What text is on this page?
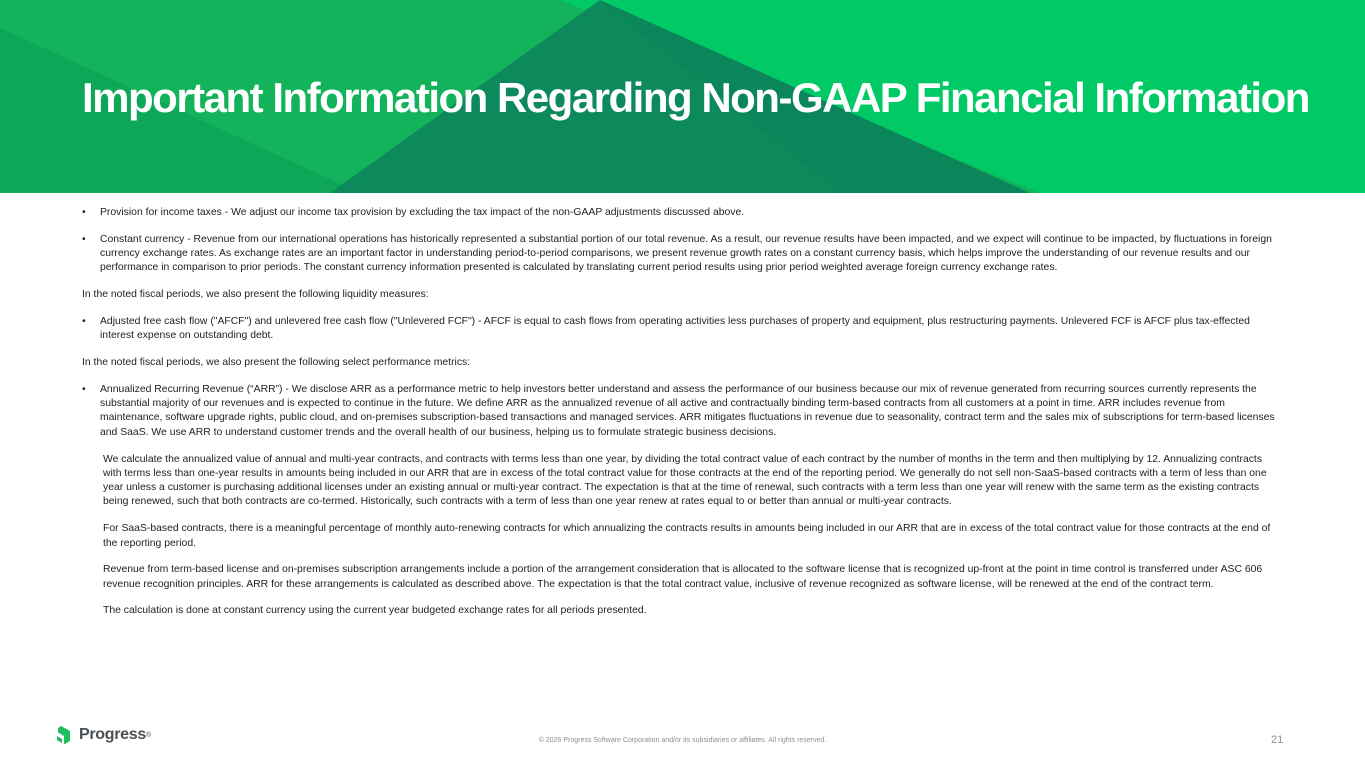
Important Information Regarding Non-GAAP Financial Information
• Provision for income taxes - We adjust our income tax provision by excluding the tax impact of the non-GAAP adjustments discussed above.
• Constant currency - Revenue from our international operations has historically represented a substantial portion of our total revenue. As a result, our revenue results have been impacted, and we expect will continue to be impacted, by fluctuations in foreign currency exchange rates. As exchange rates are an important factor in understanding period-to-period comparisons, we present revenue growth rates on a constant currency basis, which helps improve the understanding of our revenue results and our performance in comparison to prior periods. The constant currency information presented is calculated by translating current period results using prior period weighted average foreign currency exchange rates.

In the noted fiscal periods, we also present the following liquidity measures:

• Adjusted free cash flow ("AFCF") and unlevered free cash flow ("Unlevered FCF") - AFCF is equal to cash flows from operating activities less purchases of property and equipment, plus restructuring payments. Unlevered FCF is AFCF plus tax-effected interest expense on outstanding debt.

In the noted fiscal periods, we also present the following select performance metrics:

• Annualized Recurring Revenue (“ARR”) - We disclose ARR as a performance metric to help investors better understand and assess the performance of our business because our mix of revenue generated from recurring sources currently represents the substantial majority of our revenues and is expected to continue in the future. We define ARR as the annualized revenue of all active and contractually binding term-based contracts from all customers at a point in time. ARR includes revenue from maintenance, software upgrade rights, public cloud, and on-premises subscription-based transactions and managed services. ARR mitigates fluctuations in revenue due to seasonality, contract term and the sales mix of subscriptions for term-based licenses and SaaS. We use ARR to understand customer trends and the overall health of our business, helping us to formulate strategic business decisions.

We calculate the annualized value of annual and multi-year contracts, and contracts with terms less than one year, by dividing the total contract value of each contract by the number of months in the term and then multiplying by 12. Annualizing contracts with terms less than one-year results in amounts being included in our ARR that are in excess of the total contract value for those contracts at the end of the reporting period. We generally do not sell non-SaaS-based contracts with a term of less than one year unless a customer is purchasing additional licenses under an existing annual or multi-year contract. The expectation is that at the time of renewal, such contracts with a term less than one year will renew with the same term as the existing contracts being renewed, such that both contracts are co-termed. Historically, such contracts with a term of less than one year renew at rates equal to or better than annual or multi-year contracts.

For SaaS-based contracts, there is a meaningful percentage of monthly auto-renewing contracts for which annualizing the contracts results in amounts being included in our ARR that are in excess of the total contract value for those contracts at the end of the reporting period.

Revenue from term-based license and on-premises subscription arrangements include a portion of the arrangement consideration that is allocated to the software license that is recognized up-front at the point in time control is transferred under ASC 606 revenue recognition principles. ARR for these arrangements is calculated as described above. The expectation is that the total contract value, inclusive of revenue recognized as software license, will be renewed at the end of the contract term.

The calculation is done at constant currency using the current year budgeted exchange rates for all periods presented.

Progress ®
© 2026 Progress Software Corporation and/or its subsidiaries or affiliates. All rights reserved.	21
